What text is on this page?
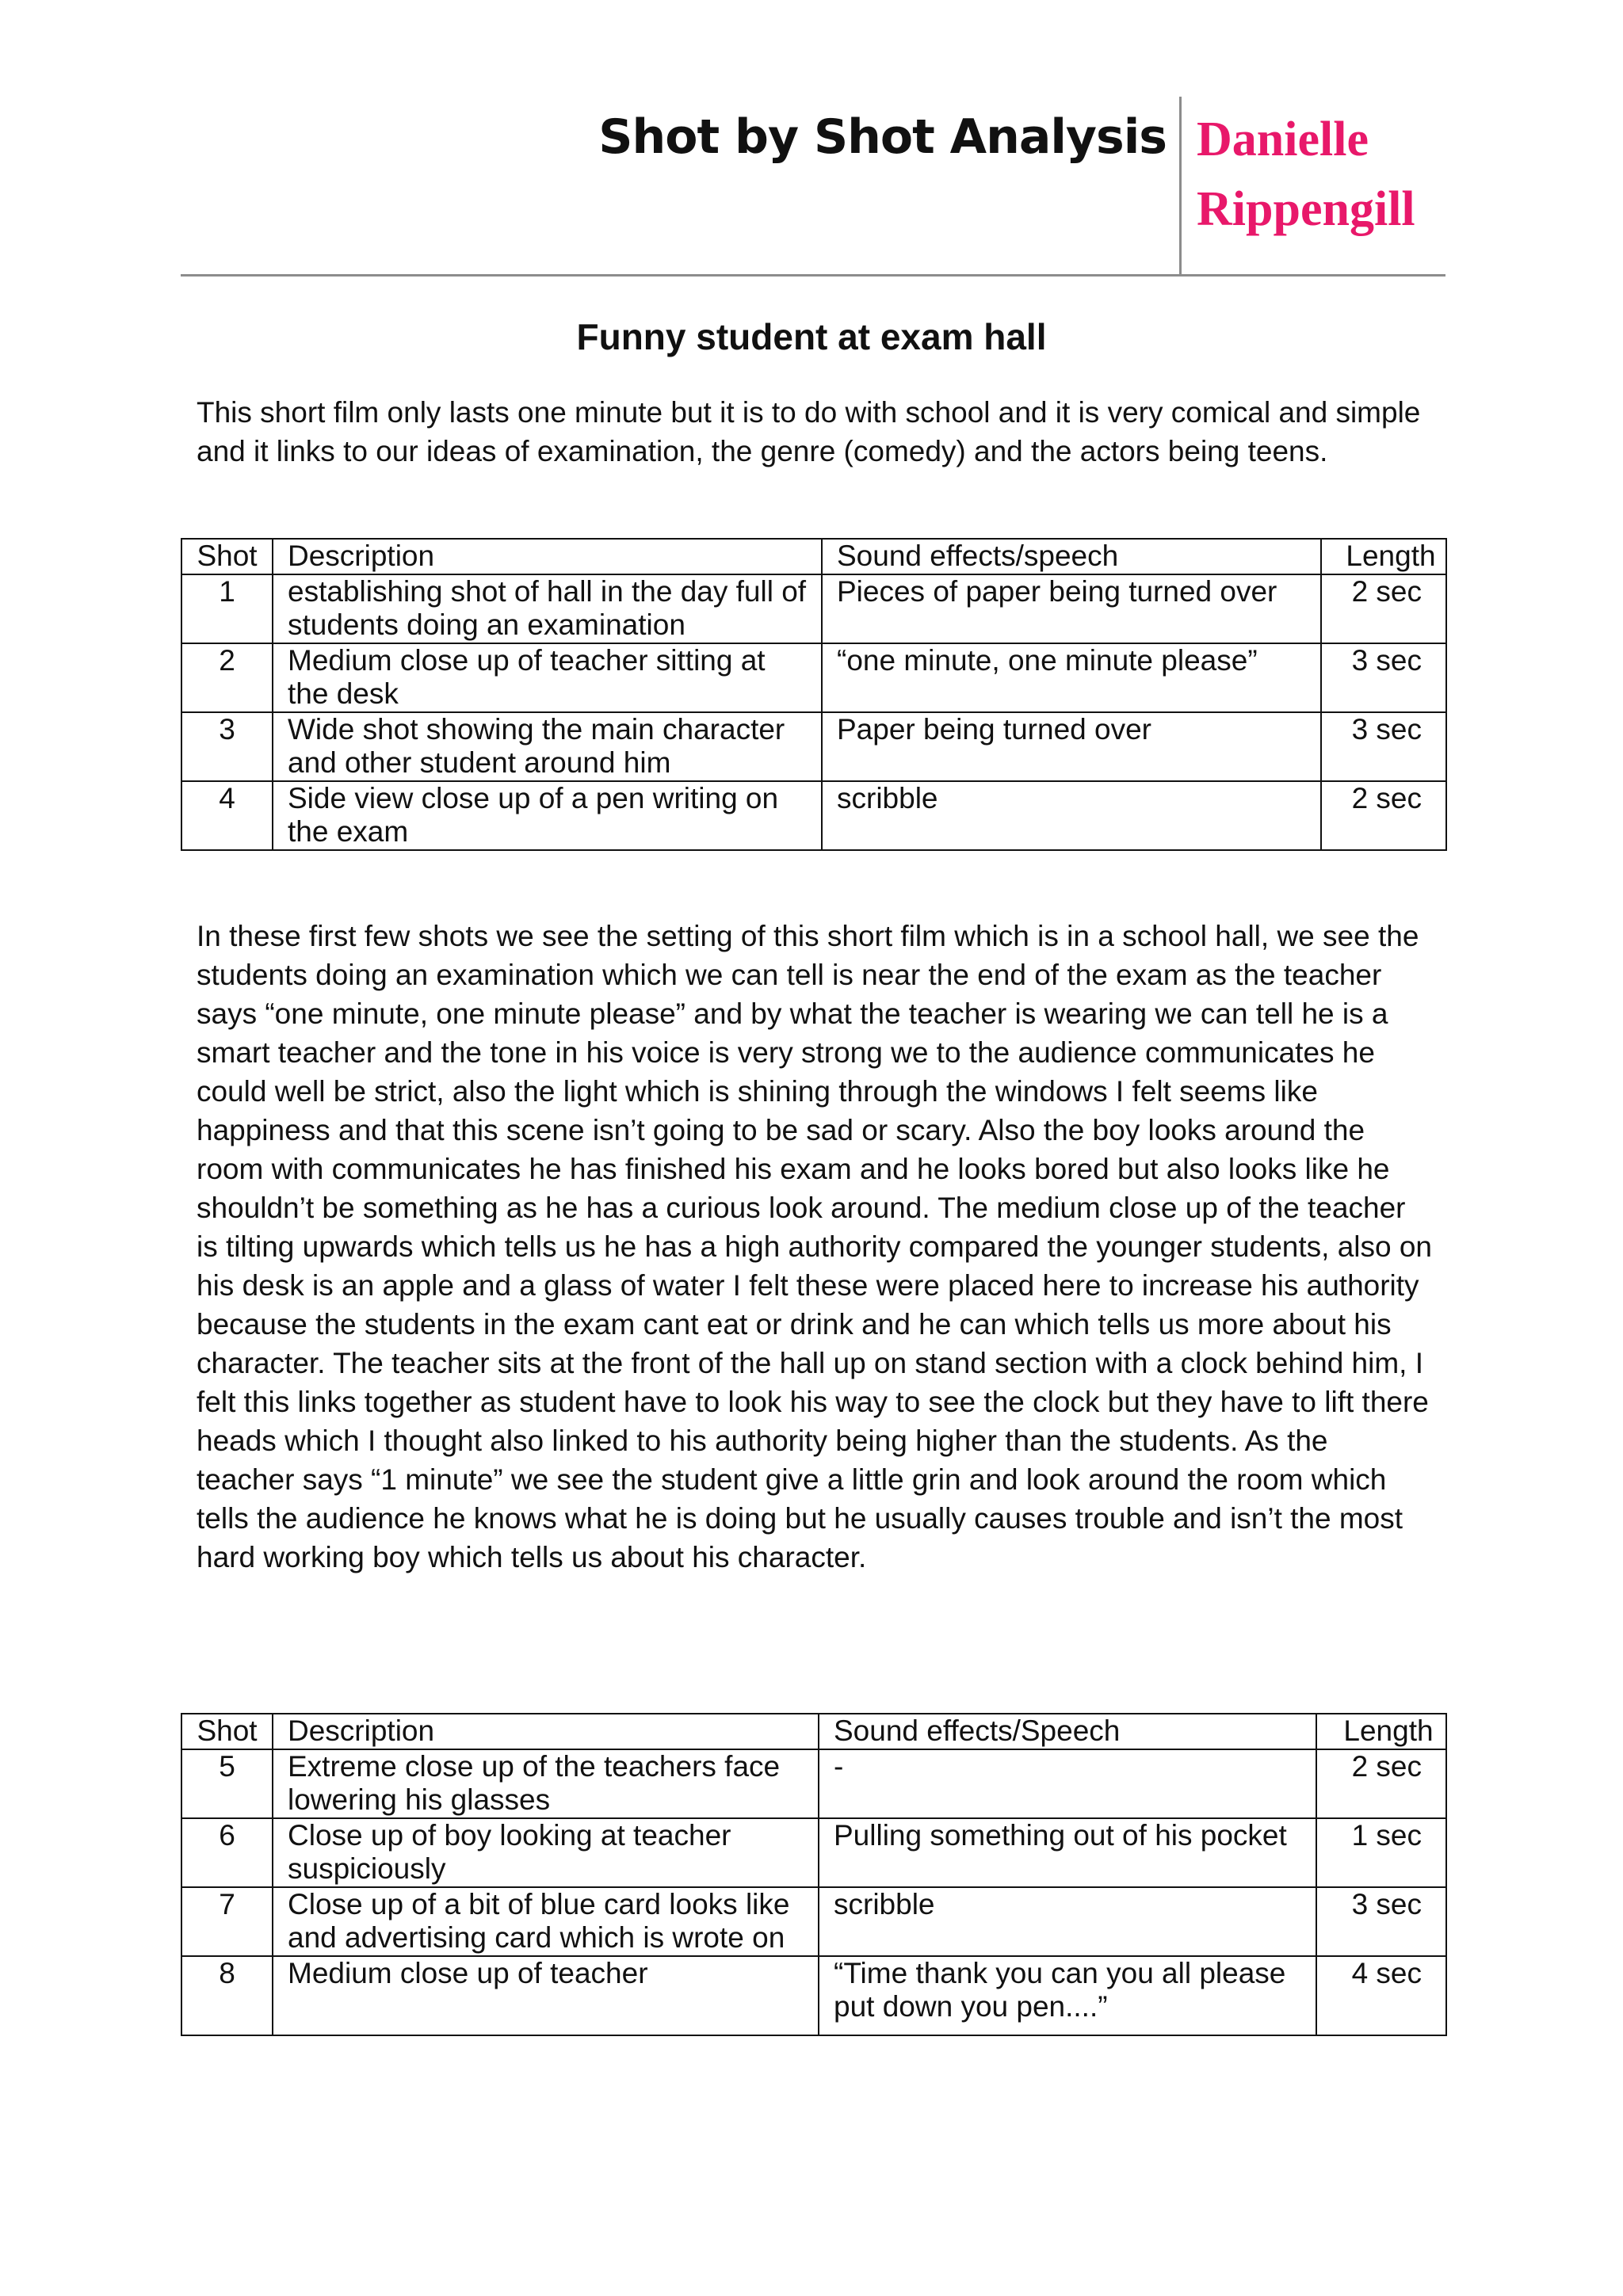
Shot by Shot Analysis Danielle
Rippengill
Funny student at exam hall

This short film only lasts one minute but it is to do with school and it is very comical and simple and it links to our ideas of examination, the genre (comedy) and the actors being teens.

Shot	Description	Sound effects/speech	Length
1	establishing shot of hall in the day full of students doing an examination	Pieces of paper being turned over	2 sec
2	Medium close up of teacher sitting at the desk	“one minute, one minute please”	3 sec
3	Wide shot showing the main character and other student around him	Paper being turned over	3 sec
4	Side view close up of a pen writing on the exam	scribble	2 sec

In these first few shots we see the setting of this short film which is in a school hall, we see the students doing an examination which we can tell is near the end of the exam as the teacher says “one minute, one minute please” and by what the teacher is wearing we can tell he is a smart teacher and the tone in his voice is very strong we to the audience communicates he could well be strict, also the light which is shining through the windows I felt seems like happiness and that this scene isn’t going to be sad or scary. Also the boy looks around the room with communicates he has finished his exam and he looks bored but also looks like he shouldn’t be something as he has a curious look around. The medium close up of the teacher is tilting upwards which tells us he has a high authority compared the younger students, also on his desk is an apple and a glass of water I felt these were placed here to increase his authority because the students in the exam cant eat or drink and he can which tells us more about his character. The teacher sits at the front of the hall up on stand section with a clock behind him, I felt this links together as student have to look his way to see the clock but they have to lift there heads which I thought also linked to his authority being higher than the students. As the teacher says “1 minute” we see the student give a little grin and look around the room which tells the audience he knows what he is doing but he usually causes trouble and isn’t the most hard working boy which tells us about his character.

Shot	Description	Sound effects/Speech	Length
5	Extreme close up of the teachers face lowering his glasses	-	2 sec
6	Close up of boy looking at teacher suspiciously	Pulling something out of his pocket	1 sec
7	Close up of a bit of blue card looks like and advertising card which is wrote on	scribble	3 sec
8	Medium close up of teacher	“Time thank you can you all please put down you pen....”	4 sec
